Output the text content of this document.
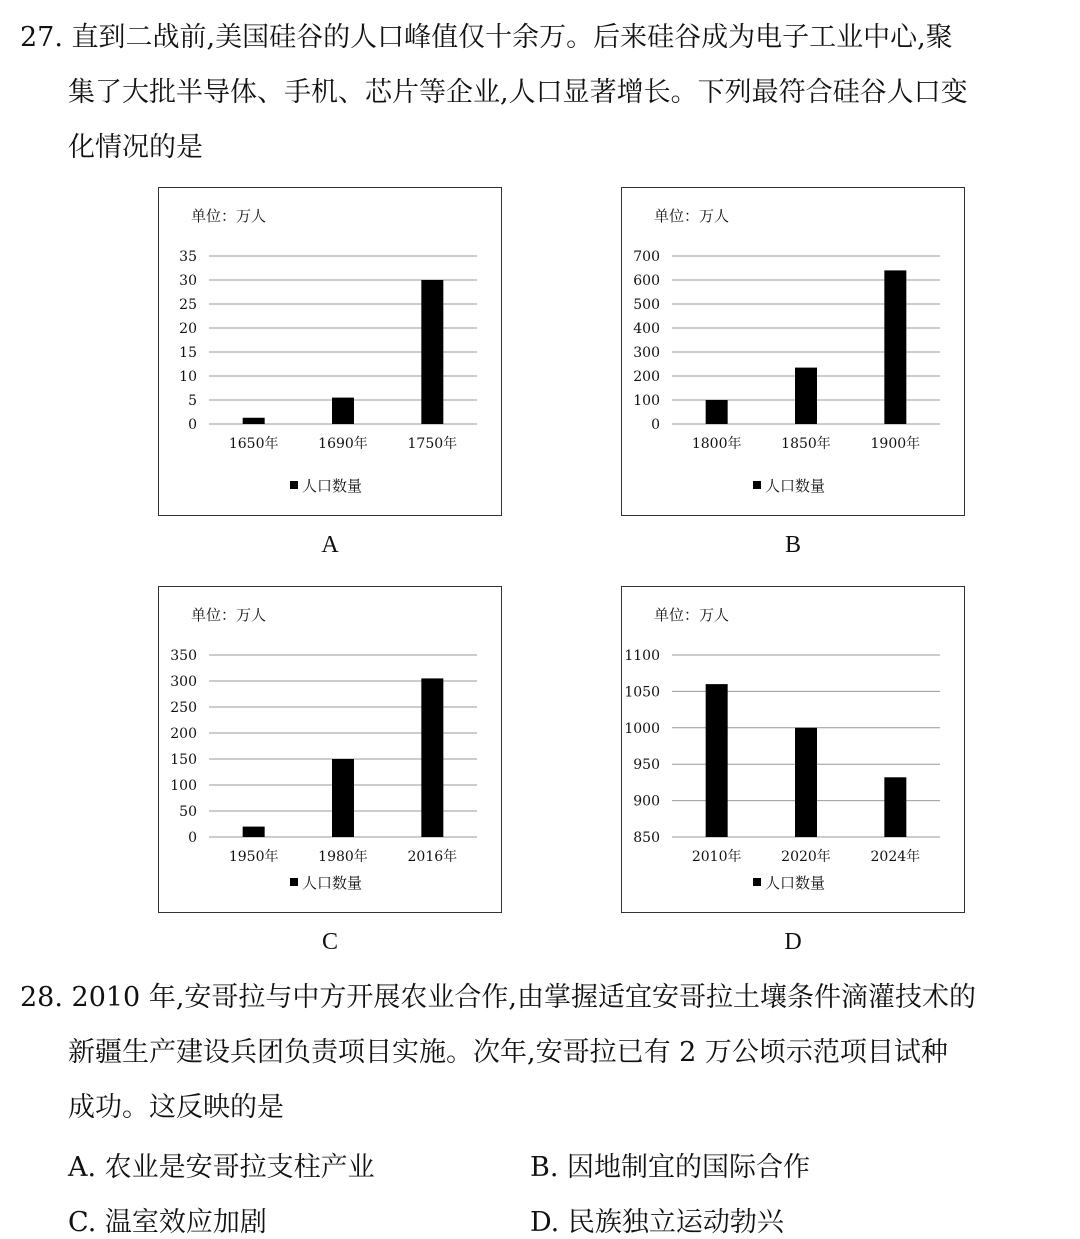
27. 直到二战前,美国硅谷的人口峰值仅十余万。后来硅谷成为电子工业中心,聚
集了大批半导体、手机、芯片等企业,人口显著增长。下列最符合硅谷人口变
化情况的是
单位：万人
0
5
10
15
20
25
30
35
1650年	1690年	1750年
人口数量
单位：万人
0
100
200
300
400
500
600
700
1800年	1850年	1900年
人口数量
单位：万人
0
50
100
150
200
250
300
350
1950年	1980年	2016年
人口数量
单位：万人
850
900
950
1000
1050
1100
2010年	2020年	2024年
人口数量
A	B
C	D
28. 2010 年,安哥拉与中方开展农业合作,由掌握适宜安哥拉土壤条件滴灌技术的
新疆生产建设兵团负责项目实施。次年,安哥拉已有 2 万公顷示范项目试种
成功。这反映的是
A. 农业是安哥拉支柱产业	B. 因地制宜的国际合作
C. 温室效应加剧	D. 民族独立运动勃兴
